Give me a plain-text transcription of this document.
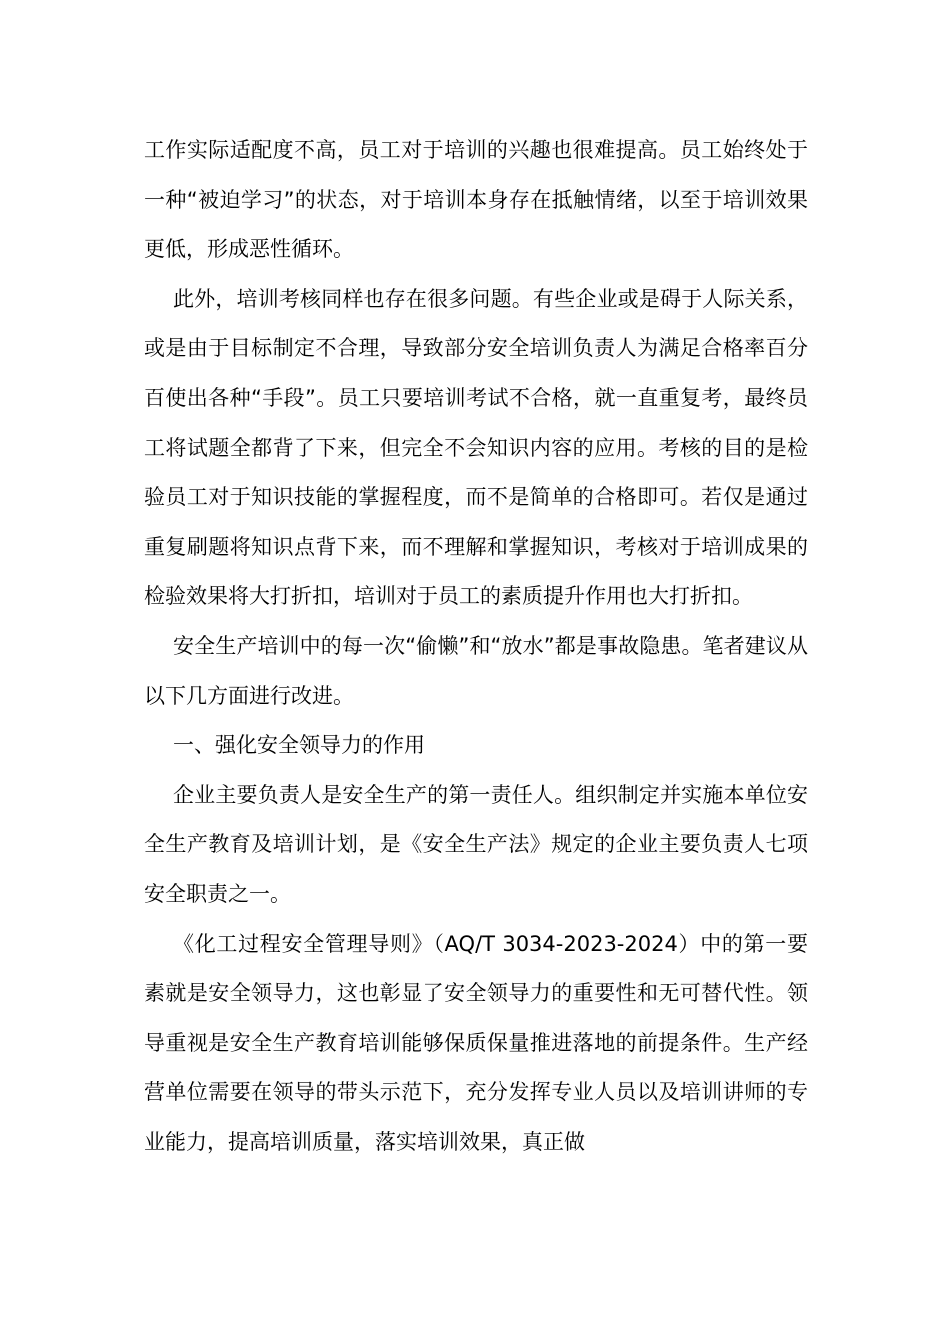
工作实际适配度不高，员工对于培训的兴趣也很难提高。员工始终处于一种“被迫学习”的状态，对于培训本身存在抵触情绪，以至于培训效果更低，形成恶性循环。

此外，培训考核同样也存在很多问题。有些企业或是碍于人际关系，或是由于目标制定不合理，导致部分安全培训负责人为满足合格率百分百使出各种“手段”。员工只要培训考试不合格，就一直重复考，最终员工将试题全都背了下来，但完全不会知识内容的应用。考核的目的是检验员工对于知识技能的掌握程度，而不是简单的合格即可。若仅是通过重复刷题将知识点背下来，而不理解和掌握知识，考核对于培训成果的检验效果将大打折扣，培训对于员工的素质提升作用也大打折扣。

安全生产培训中的每一次“偷懒”和“放水”都是事故隐患。笔者建议从以下几方面进行改进。

一、强化安全领导力的作用

企业主要负责人是安全生产的第一责任人。组织制定并实施本单位安全生产教育及培训计划，是《安全生产法》规定的企业主要负责人七项安全职责之一。

《化工过程安全管理导则》（AQ/T 3034-2023-2024）中的第一要素就是安全领导力，这也彰显了安全领导力的重要性和无可替代性。领导重视是安全生产教育培训能够保质保量推进落地的前提条件。生产经营单位需要在领导的带头示范下，充分发挥专业人员以及培训讲师的专业能力，提高培训质量，落实培训效果，真正做
